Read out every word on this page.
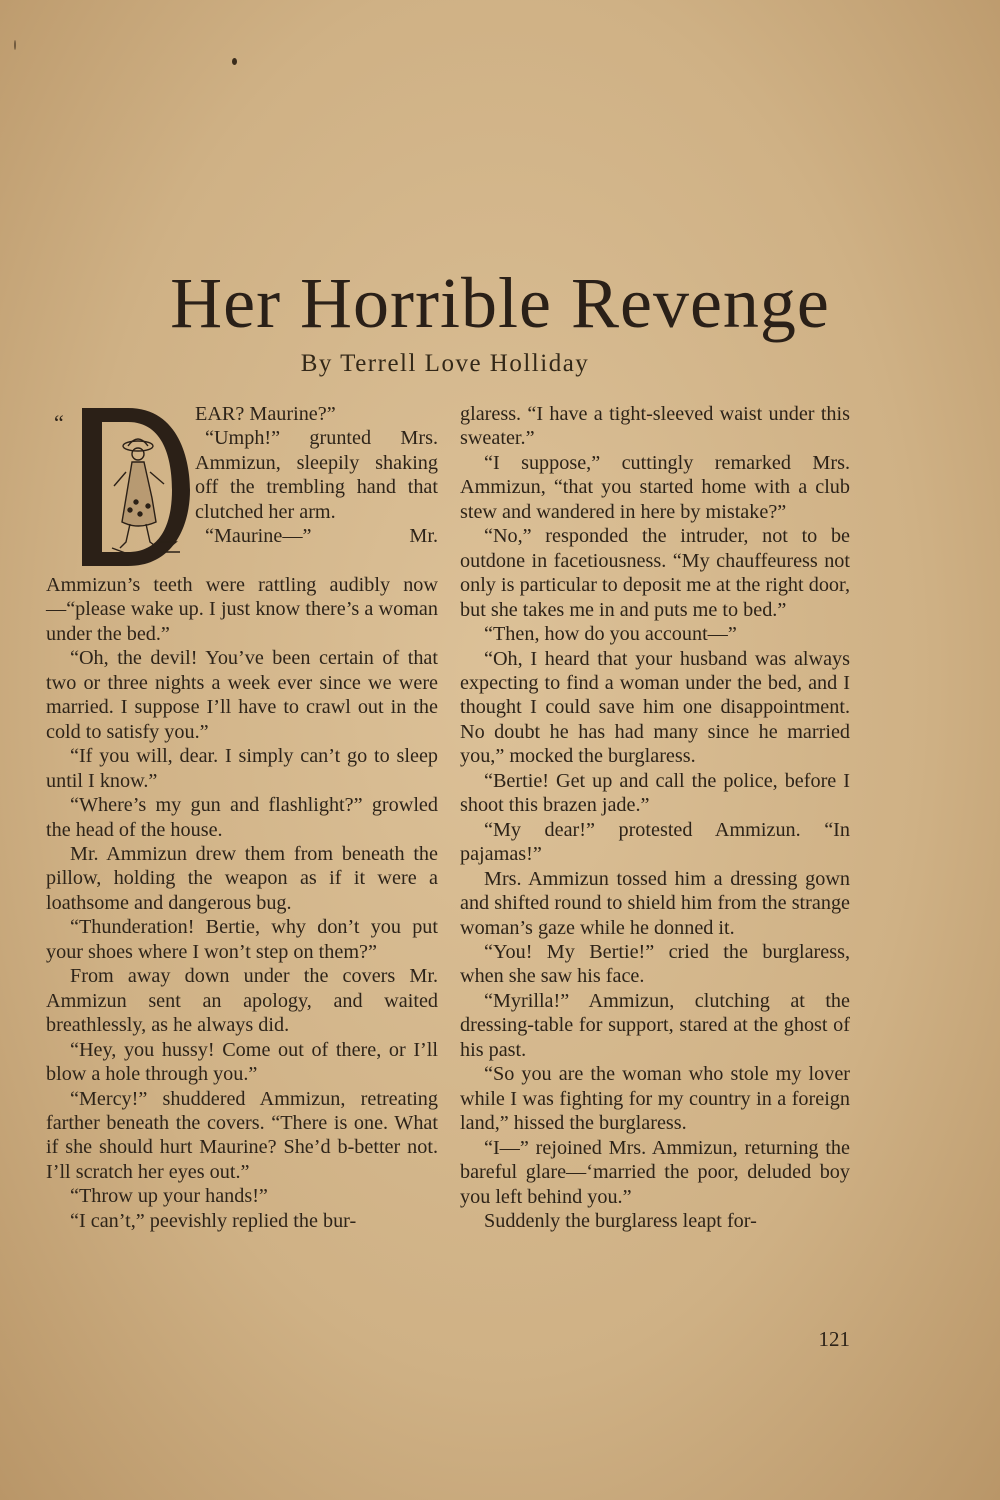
Her Horrible Revenge
By Terrell Love Holliday
“	EAR? Maurine?”

“Umph!” grunted Mrs. Ammizun, sleepily shaking off the trembling hand that clutched her arm.

“Maurine—” Mr.

Ammizun’s teeth were rattling audibly now—“please wake up. I just know there’s a woman under the bed.”

“Oh, the devil! You’ve been certain of that two or three nights a week ever since we were married. I suppose I’ll have to crawl out in the cold to satisfy you.”

“If you will, dear. I simply can’t go to sleep until I know.”

“Where’s my gun and flashlight?” growled the head of the house.

Mr. Ammizun drew them from beneath the pillow, holding the weapon as if it were a loathsome and dangerous bug.

“Thunderation! Bertie, why don’t you put your shoes where I won’t step on them?”

From away down under the covers Mr. Ammizun sent an apology, and waited breathlessly, as he always did.

“Hey, you hussy! Come out of there, or I’ll blow a hole through you.”

“Mercy!” shuddered Ammizun, retreating farther beneath the covers. “There is one. What if she should hurt Maurine? She’d b-better not. I’ll scratch her eyes out.”

“Throw up your hands!”

“I can’t,” peevishly replied the bur-

glaress. “I have a tight-sleeved waist under this sweater.”

“I suppose,” cuttingly remarked Mrs. Ammizun, “that you started home with a club stew and wandered in here by mistake?”

“No,” responded the intruder, not to be outdone in facetiousness. “My chauffeuress not only is particular to deposit me at the right door, but she takes me in and puts me to bed.”

“Then, how do you account—”

“Oh, I heard that your husband was always expecting to find a woman under the bed, and I thought I could save him one disappointment. No doubt he has had many since he married you,” mocked the burglaress.

“Bertie! Get up and call the police, before I shoot this brazen jade.”

“My dear!” protested Ammizun. “In pajamas!”

Mrs. Ammizun tossed him a dressing gown and shifted round to shield him from the strange woman’s gaze while he donned it.

“You! My Bertie!” cried the burglaress, when she saw his face.

“Myrilla!” Ammizun, clutching at the dressing-table for support, stared at the ghost of his past.

“So you are the woman who stole my lover while I was fighting for my country in a foreign land,” hissed the burglaress.

“I—” rejoined Mrs. Ammizun, returning the bareful glare—‘married the poor, deluded boy you left behind you.”

Suddenly the burglaress leapt for-

121
